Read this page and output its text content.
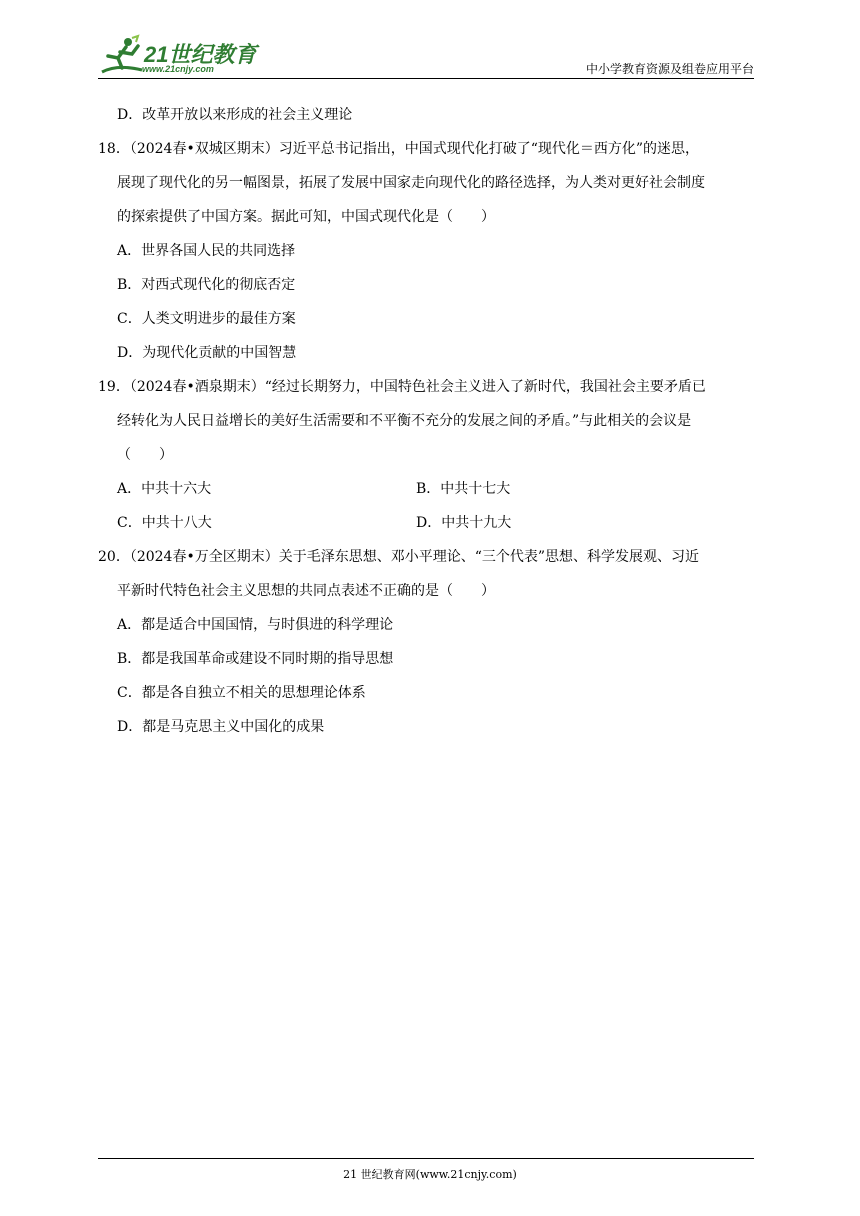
21世纪教育
www.21cnjy.com	中小学教育资源及组卷应用平台
D．改革开放以来形成的社会主义理论
18．（2024春•双城区期末）习近平总书记指出，中国式现代化打破了“现代化＝西方化”的迷思，
展现了现代化的另一幅图景，拓展了发展中国家走向现代化的路径选择，为人类对更好社会制度
的探索提供了中国方案。据此可知，中国式现代化是（　　）
A．世界各国人民的共同选择
B．对西式现代化的彻底否定
C．人类文明进步的最佳方案
D．为现代化贡献的中国智慧
19．（2024春•酒泉期末）“经过长期努力，中国特色社会主义进入了新时代，我国社会主要矛盾已
经转化为人民日益增长的美好生活需要和不平衡不充分的发展之间的矛盾。”与此相关的会议是
（　　）
A．中共十六大	B．中共十七大
C．中共十八大	D．中共十九大
20．（2024春•万全区期末）关于毛泽东思想、邓小平理论、“三个代表”思想、科学发展观、习近
平新时代特色社会主义思想的共同点表述不正确的是（　　）
A．都是适合中国国情，与时俱进的科学理论
B．都是我国革命或建设不同时期的指导思想
C．都是各自独立不相关的思想理论体系
D．都是马克思主义中国化的成果
21 世纪教育网(www.21cnjy.com)
